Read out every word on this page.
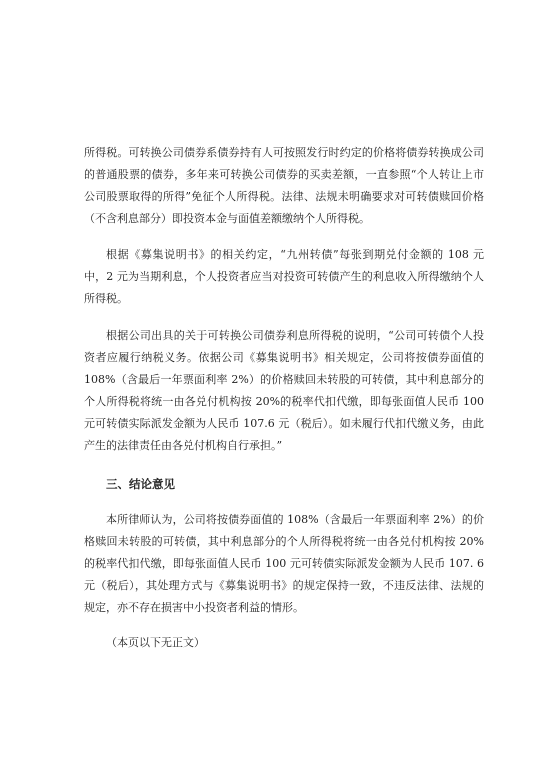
所得税。可转换公司债券系债券持有人可按照发行时约定的价格将债券转换成公司的普通股票的债券，多年来可转换公司债券的买卖差额，一直参照“个人转让上市公司股票取得的所得”免征个人所得税。法律、法规未明确要求对可转债赎回价格（不含利息部分）即投资本金与面值差额缴纳个人所得税。

根据《募集说明书》的相关约定，“九州转债”每张到期兑付金额的 108 元中，2 元为当期利息，个人投资者应当对投资可转债产生的利息收入所得缴纳个人所得税。

根据公司出具的关于可转换公司债券利息所得税的说明，“公司可转债个人投资者应履行纳税义务。依据公司《募集说明书》相关规定，公司将按债券面值的 108%（含最后一年票面利率 2%）的价格赎回未转股的可转债，其中利息部分的个人所得税将统一由各兑付机构按 20%的税率代扣代缴，即每张面值人民币 100 元可转债实际派发金额为人民币 107.6 元（税后）。如未履行代扣代缴义务，由此产生的法律责任由各兑付机构自行承担。”

三、结论意见

本所律师认为，公司将按债券面值的 108%（含最后一年票面利率 2%）的价格赎回未转股的可转债，其中利息部分的个人所得税将统一由各兑付机构按 20%的税率代扣代缴，即每张面值人民币 100 元可转债实际派发金额为人民币 107. 6 元（税后），其处理方式与《募集说明书》的规定保持一致，不违反法律、法规的规定，亦不存在损害中小投资者利益的情形。

（本页以下无正文）
